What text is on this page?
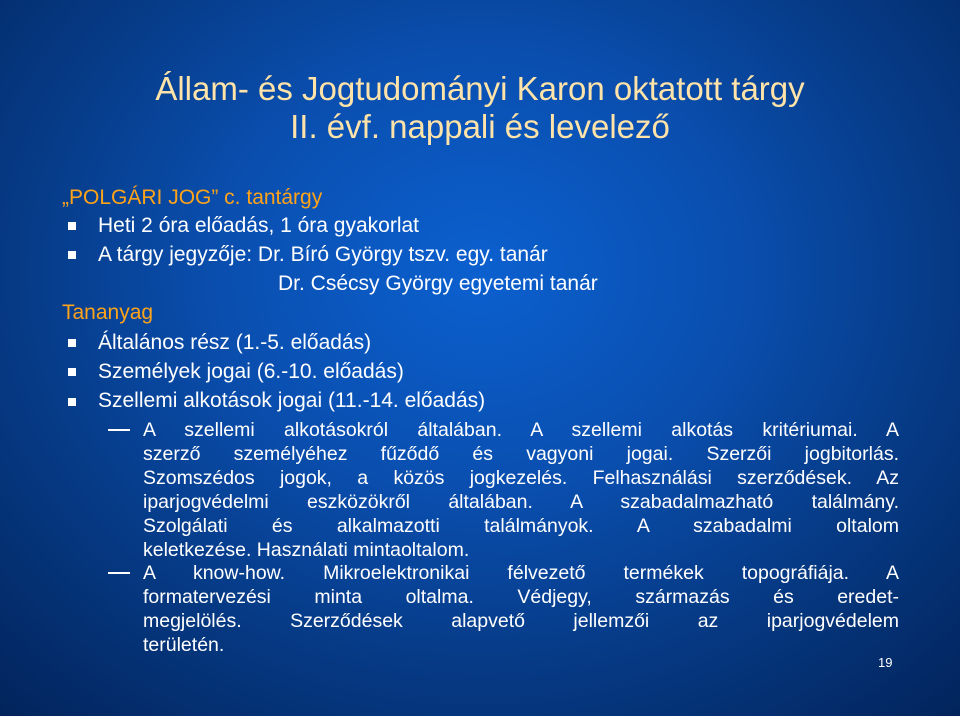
Állam- és Jogtudományi Karon oktatott tárgy
II. évf. nappali és levelező
„POLGÁRI JOG” c. tantárgy
Heti 2 óra előadás, 1 óra gyakorlat
A tárgy jegyzője: Dr. Bíró György tszv. egy. tanár
Dr. Csécsy György egyetemi tanár
Tananyag
Általános rész (1.-5. előadás)
Személyek jogai (6.-10. előadás)
Szellemi alkotások jogai (11.-14. előadás)
A szellemi alkotásokról általában. A szellemi alkotás kritériumai. A
szerző személyéhez fűződő és vagyoni jogai. Szerzői jogbitorlás.
Szomszédos jogok, a közös jogkezelés. Felhasználási szerződések. Az
iparjogvédelmi eszközökről általában. A szabadalmazható találmány.
Szolgálati és alkalmazotti találmányok. A szabadalmi oltalom
keletkezése. Használati mintaoltalom.
A know-how. Mikroelektronikai félvezető termékek topográfiája. A
formatervezési minta oltalma. Védjegy, származás és eredet-
megjelölés. Szerződések alapvető jellemzői az iparjogvédelem
területén.
19
